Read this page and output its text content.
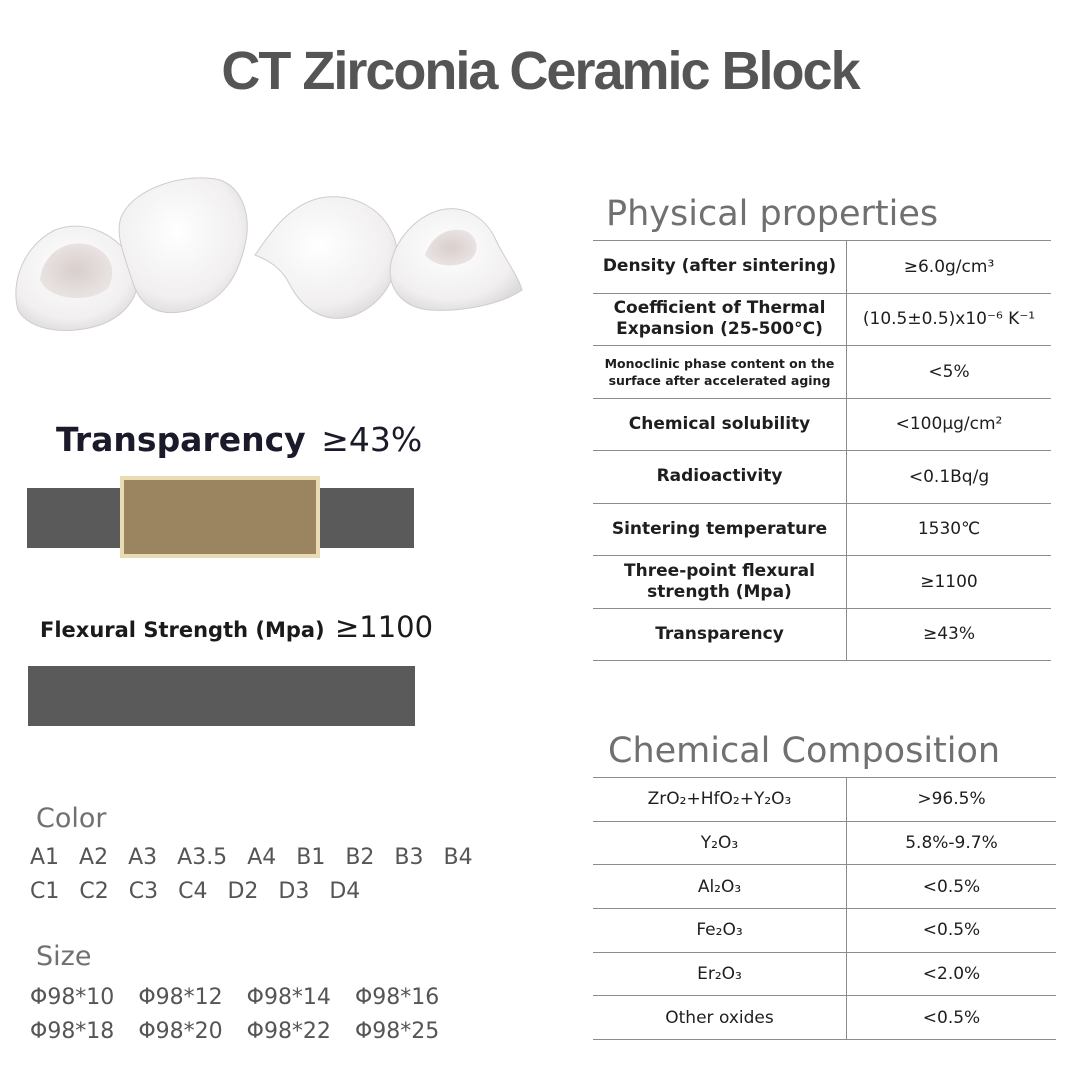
CT Zirconia Ceramic Block
Transparency ≥43%
Flexural Strength (Mpa) ≥1100
Color
A1 A2 A3 A3.5 A4 B1 B2 B3 B4
C1 C2 C3 C4 D2 D3 D4
Size
Φ98*10 Φ98*12 Φ98*14 Φ98*16
Φ98*18 Φ98*20 Φ98*22 Φ98*25
Physical properties
Density (after sintering)	≥6.0g/cm³
Coefficient of Thermal Expansion (25-500°C)	(10.5±0.5)x10⁻⁶ K⁻¹
Monoclinic phase content on the surface after accelerated aging	<5%
Chemical solubility	<100μg/cm²
Radioactivity	<0.1Bq/g
Sintering temperature	1530℃
Three-point flexural strength (Mpa)	≥1100
Transparency	≥43%
Chemical Composition
ZrO₂+HfO₂+Y₂O₃	>96.5%
Y₂O₃	5.8%-9.7%
Al₂O₃	<0.5%
Fe₂O₃	<0.5%
Er₂O₃	<2.0%
Other oxides	<0.5%
